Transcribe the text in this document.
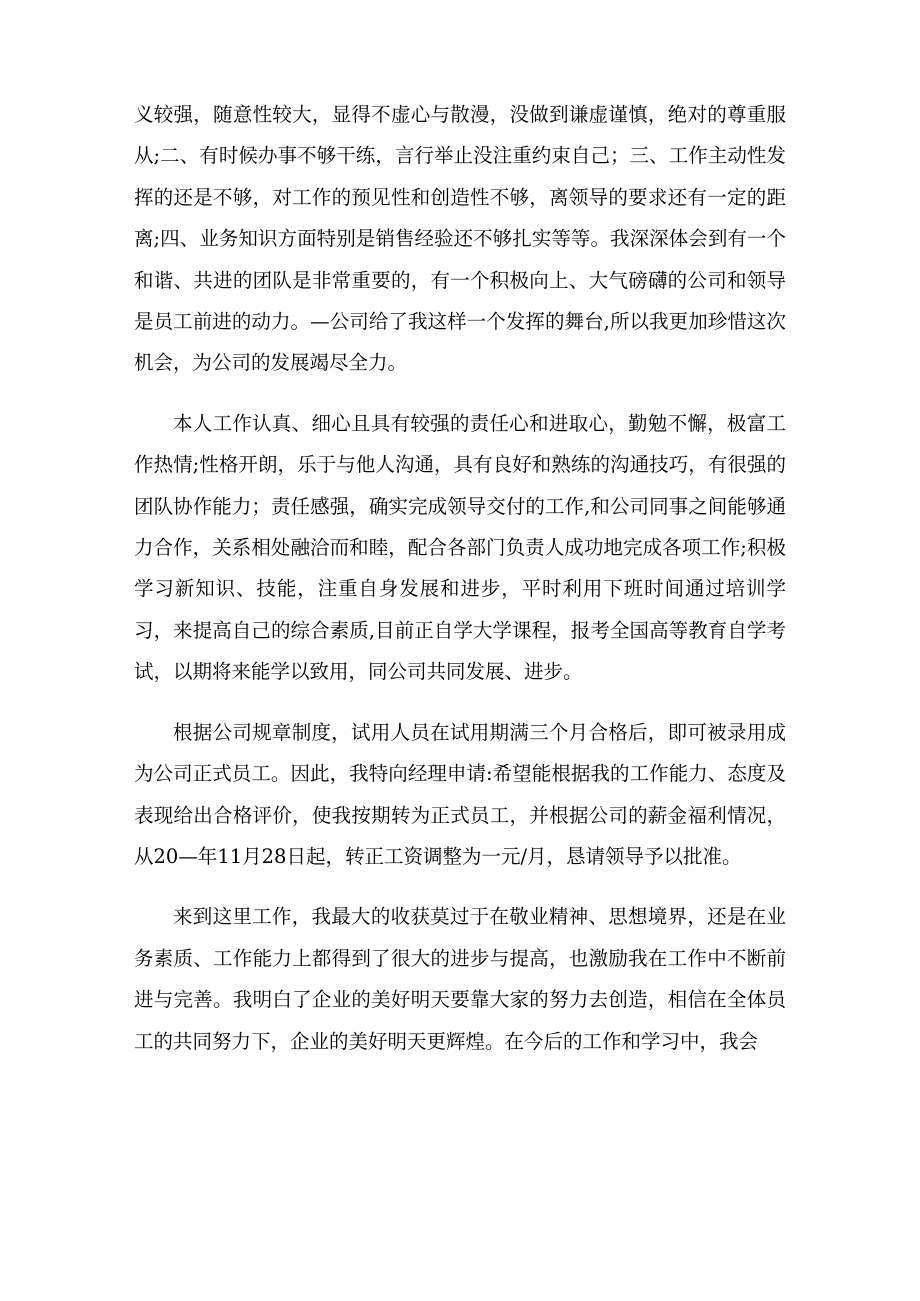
义较强，随意性较大，显得不虚心与散漫，没做到谦虚谨慎，绝对的尊重服从;二、有时候办事不够干练，言行举止没注重约束自己；三、工作主动性发挥的还是不够，对工作的预见性和创造性不够，离领导的要求还有一定的距离;四、业务知识方面特别是销售经验还不够扎实等等。我深深体会到有一个和谐、共进的团队是非常重要的，有一个积极向上、大气磅礴的公司和领导是员工前进的动力。—公司给了我这样一个发挥的舞台,所以我更加珍惜这次机会，为公司的发展竭尽全力。

本人工作认真、细心且具有较强的责任心和进取心，勤勉不懈，极富工作热情;性格开朗，乐于与他人沟通，具有良好和熟练的沟通技巧，有很强的团队协作能力；责任感强，确实完成领导交付的工作,和公司同事之间能够通力合作，关系相处融洽而和睦，配合各部门负责人成功地完成各项工作;积极学习新知识、技能，注重自身发展和进步，平时利用下班时间通过培训学习，来提高自己的综合素质,目前正自学大学课程，报考全国高等教育自学考试，以期将来能学以致用，同公司共同发展、进步。

根据公司规章制度，试用人员在试用期满三个月合格后，即可被录用成为公司正式员工。因此，我特向经理申请:希望能根据我的工作能力、态度及表现给出合格评价，使我按期转为正式员工，并根据公司的薪金福利情况，从20—年11月28日起，转正工资调整为一元/月，恳请领导予以批准。

来到这里工作，我最大的收获莫过于在敬业精神、思想境界，还是在业务素质、工作能力上都得到了很大的进步与提高，也激励我在工作中不断前进与完善。我明白了企业的美好明天要靠大家的努力去创造，相信在全体员工的共同努力下，企业的美好明天更辉煌。在今后的工作和学习中，我会
